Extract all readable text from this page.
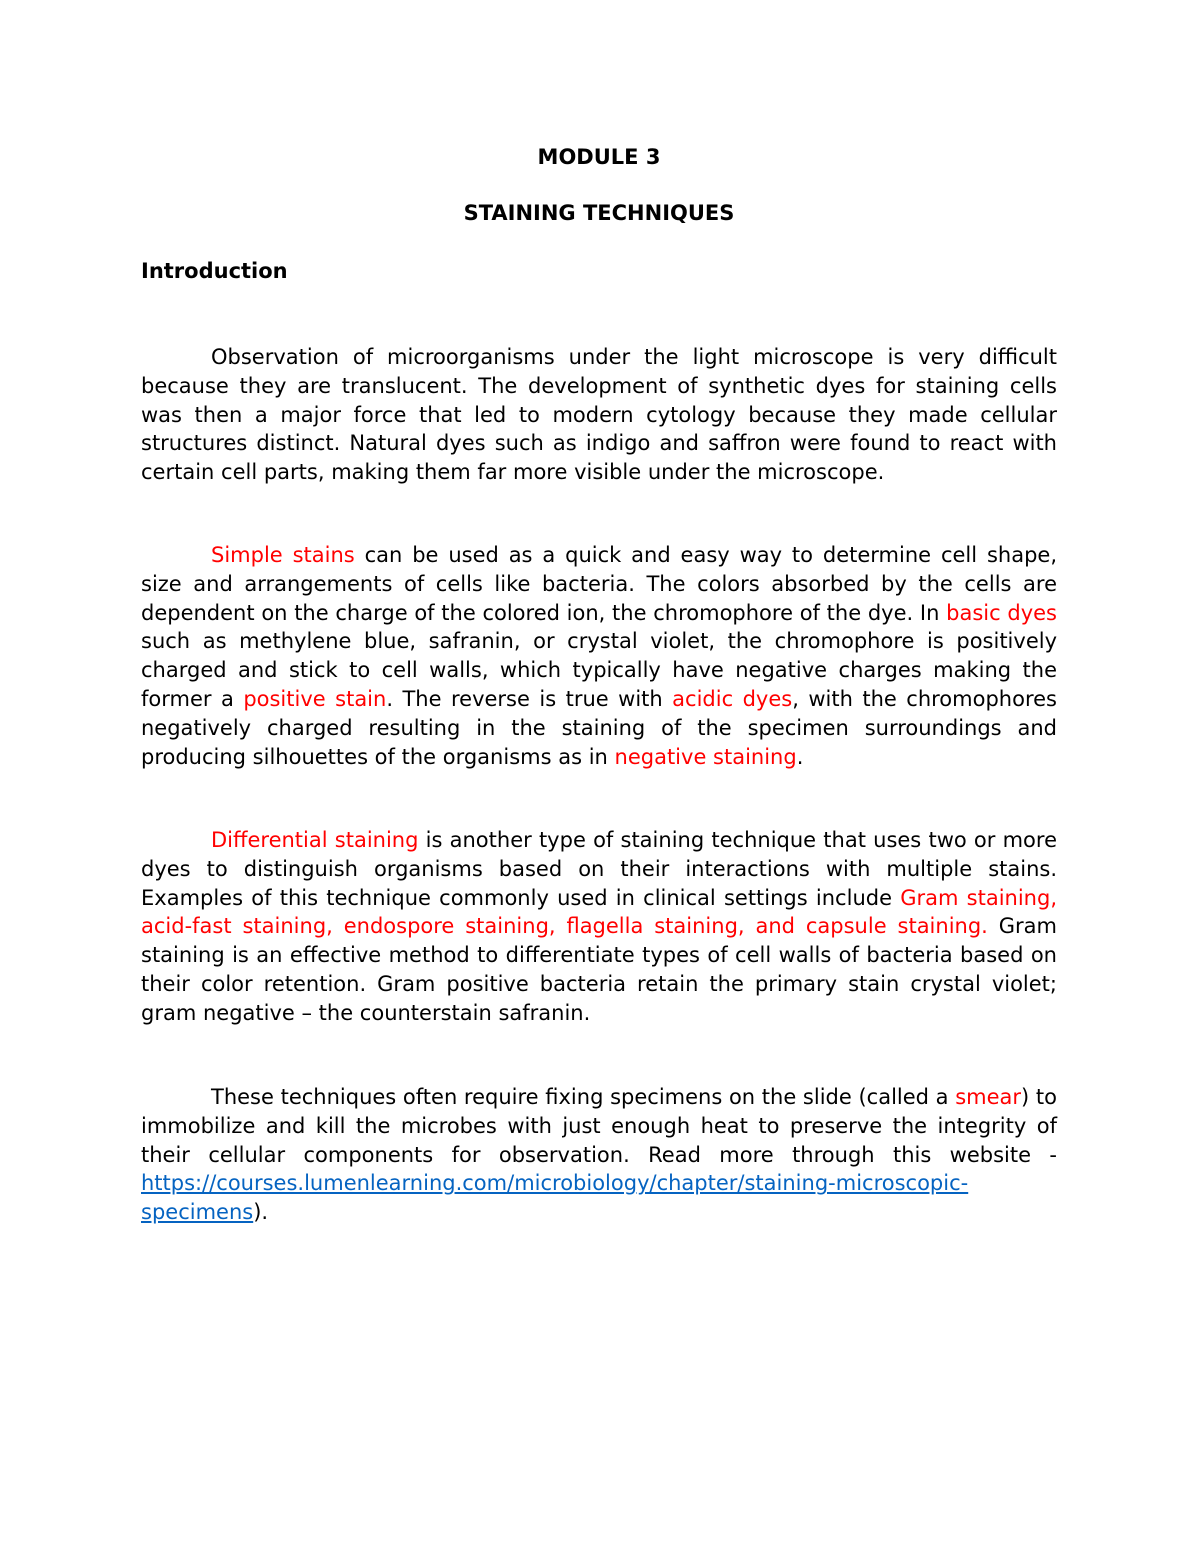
MODULE 3
STAINING TECHNIQUES
Introduction

Observation of microorganisms under the light microscope is very difficult because they are translucent. The development of synthetic dyes for staining cells was then a major force that led to modern cytology because they made cellular structures distinct. Natural dyes such as indigo and saffron were found to react with certain cell parts, making them far more visible under the microscope.

Simple stains can be used as a quick and easy way to determine cell shape, size and arrangements of cells like bacteria. The colors absorbed by the cells are dependent on the charge of the colored ion, the chromophore of the dye. In basic dyes such as methylene blue, safranin, or crystal violet, the chromophore is positively charged and stick to cell walls, which typically have negative charges making the former a positive stain. The reverse is true with acidic dyes, with the chromophores negatively charged resulting in the staining of the specimen surroundings and producing silhouettes of the organisms as in negative staining.

Differential staining is another type of staining technique that uses two or more dyes to distinguish organisms based on their interactions with multiple stains. Examples of this technique commonly used in clinical settings include Gram staining, acid-fast staining, endospore staining, flagella staining, and capsule staining. Gram staining is an effective method to differentiate types of cell walls of bacteria based on their color retention. Gram positive bacteria retain the primary stain crystal violet; gram negative – the counterstain safranin.

These techniques often require fixing specimens on the slide (called a smear) to immobilize and kill the microbes with just enough heat to preserve the integrity of their cellular components for observation. Read more through this website -https://courses.lumenlearning.com/microbiology/chapter/staining-microscopic-specimens).
